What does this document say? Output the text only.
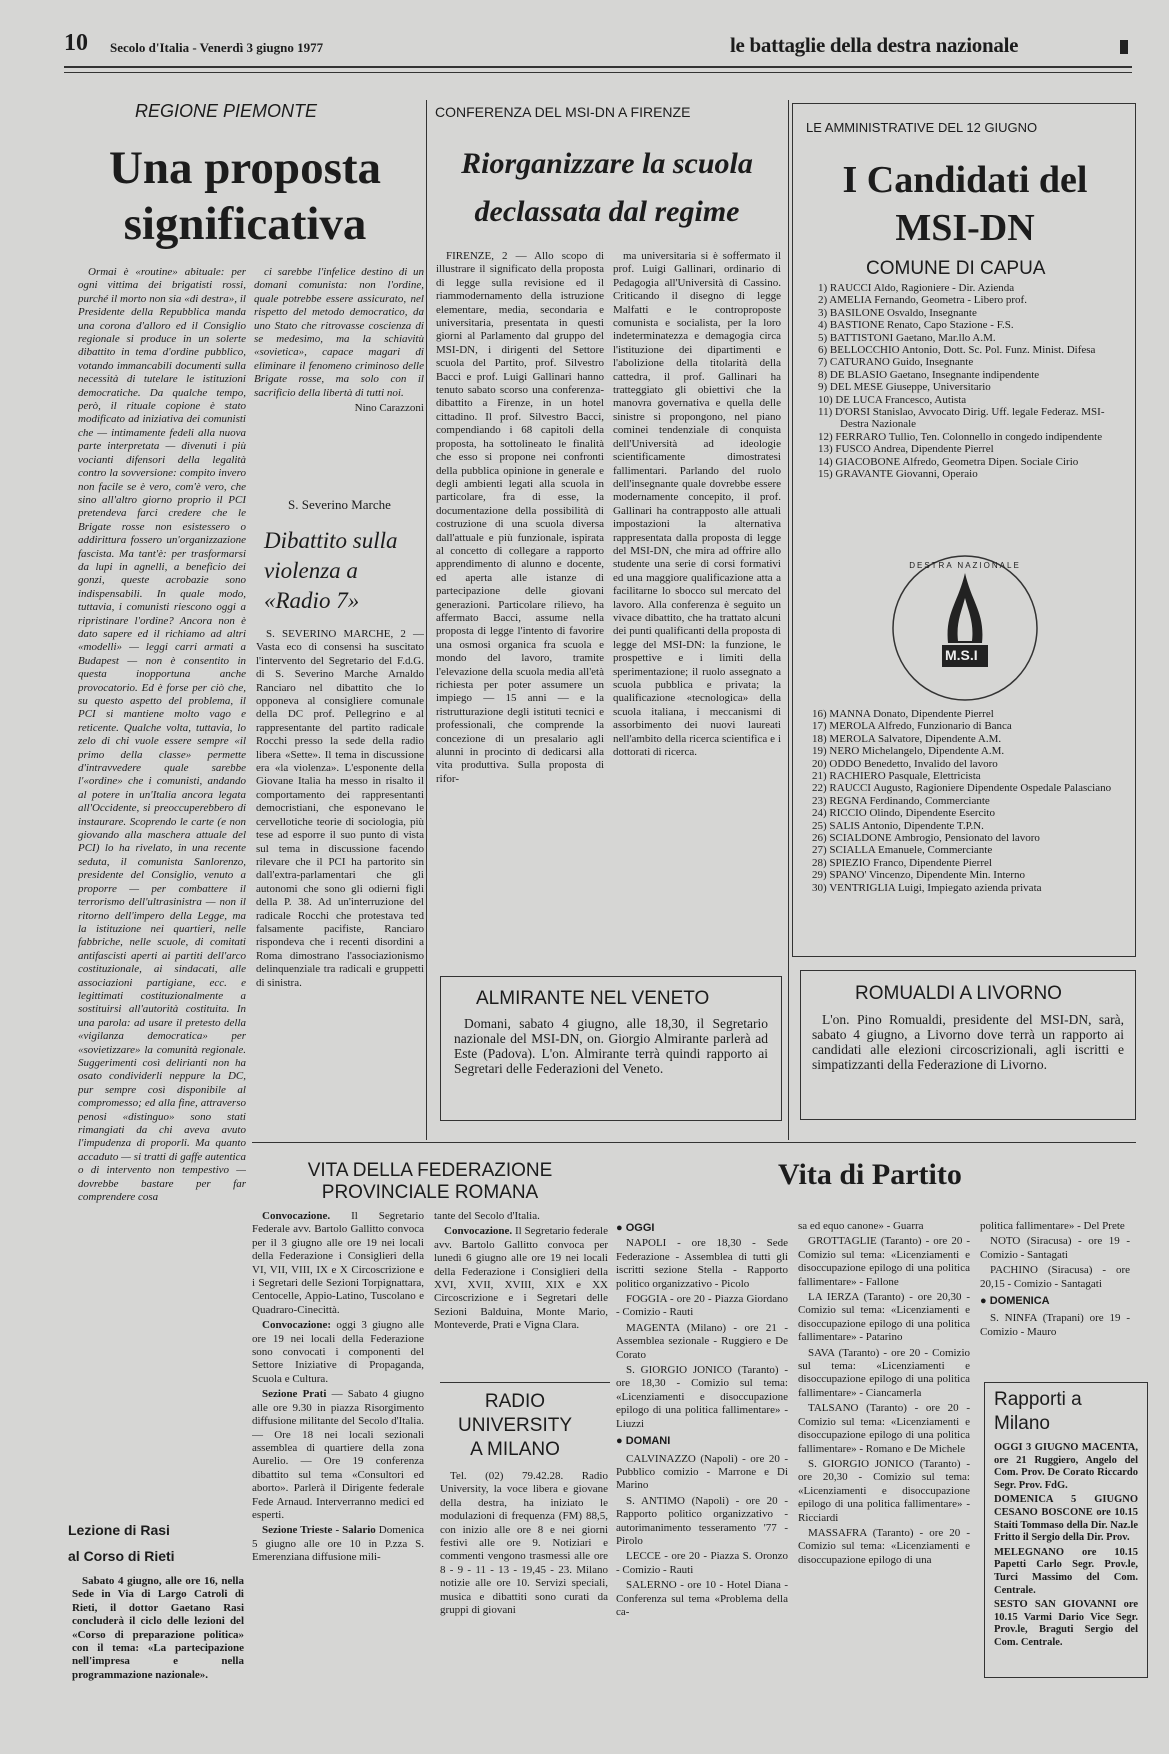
10 Secolo d'Italia - Venerdì 3 giugno 1977	le battaglie della destra nazionale
REGIONE PIEMONTE
Una proposta significativa

Ormai è «routine» abituale: per ogni vittima dei brigatisti rossi, purché il morto non sia «di destra», il Presidente della Repubblica manda una corona d'alloro ed il Consiglio regionale si produce in un solerte dibattito in tema d'ordine pubblico, votando immancabili documenti sulla necessità di tutelare le istituzioni democratiche. Da qualche tempo, però, il rituale copione è stato modificato ad iniziativa dei comunisti che — intimamente fedeli alla nuova parte interpretata — divenuti i più vocianti difensori della legalità contro la sovversione: compito invero non facile se è vero, com'è vero, che sino all'altro giorno proprio il PCI pretendeva farci credere che le Brigate rosse non esistessero o addirittura fossero un'organizzazione fascista. Ma tant'è: per trasformarsi da lupi in agnelli, a beneficio dei gonzi, queste acrobazie sono indispensabili. In quale modo, tuttavia, i comunisti riescono oggi a ripristinare l'ordine? Ancora non è dato sapere ed il richiamo ad altri «modelli» — leggi carri armati a Budapest — non è consentito in questa inopportuna anche provocatorio. Ed è forse per ciò che, su questo aspetto del problema, il PCI si mantiene molto vago e reticente. Qualche volta, tuttavia, lo zelo di chi vuole essere sempre «il primo della classe» permette d'intravvedere quale sarebbe l'«ordine» che i comunisti, andando al potere in un'Italia ancora legata all'Occidente, si preoccuperebbero di instaurare. Scoprendo le carte (e non giovando alla maschera attuale del PCI) lo ha rivelato, in una recente seduta, il comunista Sanlorenzo, presidente del Consiglio, venuto a proporre — per combattere il terrorismo dell'ultrasinistra — non il ritorno dell'impero della Legge, ma la istituzione nei quartieri, nelle fabbriche, nelle scuole, di comitati antifascisti aperti ai partiti dell'arco costituzionale, ai sindacati, alle associazioni partigiane, ecc. e legittimati costituzionalmente a sostituirsi all'autorità costituita. In una parola: ad usare il pretesto della «vigilanza democratica» per «sovietizzare» la comunità regionale. Suggerimenti così delirianti non ha osato condividerli neppure la DC, pur sempre così disponibile al compromesso; ed alla fine, attraverso penosi «distinguo» sono stati rimangiati da chi aveva avuto l'impudenza di proporli. Ma quanto accaduto — si tratti di gaffe autentica o di intervento non tempestivo — dovrebbe bastare per far comprendere cosa

ci sarebbe l'infelice destino di un domani comunista: non l'ordine, quale potrebbe essere assicurato, nel rispetto del metodo democratico, da uno Stato che ritrovasse coscienza di se medesimo, ma la schiavitù «sovietica», capace magari di eliminare il fenomeno criminoso delle Brigate rosse, ma solo con il sacrificio della libertà di tutti noi.

Nino Carazzoni
S. Severino Marche
Dibattito sulla violenza a «Radio 7»

S. SEVERINO MARCHE, 2 — Vasta eco di consensi ha suscitato l'intervento del Segretario del F.d.G. di S. Severino Marche Arnaldo Ranciaro nel dibattito che lo opponeva al consigliere comunale della DC prof. Pellegrino e al rappresentante del partito radicale Rocchi presso la sede della radio libera «Sette». Il tema in discussione era «la violenza». L'esponente della Giovane Italia ha messo in risalto il comportamento dei rappresentanti democristiani, che esponevano le cervellotiche teorie di sociologia, più tese ad esporre il suo punto di vista sul tema in discussione facendo rilevare che il PCI ha partorito sin dall'extra-parlamentari che gli autonomi che sono gli odierni figli della P. 38. Ad un'interruzione del radicale Rocchi che protestava ted falsamente pacifiste, Ranciaro rispondeva che i recenti disordini a Roma dimostrano l'associazionismo delinquenziale tra radicali e gruppetti di sinistra.

CONFERENZA DEL MSI-DN A FIRENZE
Riorganizzare la scuola declassata dal regime

FIRENZE, 2 — Allo scopo di illustrare il significato della proposta di legge sulla revisione ed il riammodernamento della istruzione elementare, media, secondaria e universitaria, presentata in questi giorni al Parlamento dal gruppo del MSI-DN, i dirigenti del Settore scuola del Partito, prof. Silvestro Bacci e prof. Luigi Gallinari hanno tenuto sabato scorso una conferenza-dibattito a Firenze, in un hotel cittadino. Il prof. Silvestro Bacci, compendiando i 68 capitoli della proposta, ha sottolineato le finalità che esso si propone nei confronti della pubblica opinione in generale e degli ambienti legati alla scuola in particolare, fra di esse, la documentazione della possibilità di costruzione di una scuola diversa dall'attuale e più funzionale, ispirata al concetto di collegare a rapporto apprendimento di alunno e docente, ed aperta alle istanze di partecipazione delle giovani generazioni. Particolare rilievo, ha affermato Bacci, assume nella proposta di legge l'intento di favorire una osmosi organica fra scuola e mondo del lavoro, tramite l'elevazione della scuola media all'età richiesta per poter assumere un impiego — 15 anni — e la ristrutturazione degli istituti tecnici e professionali, che comprende la concezione di un presalario agli alunni in procinto di dedicarsi alla vita produttiva. Sulla proposta di rifor-

ma universitaria si è soffermato il prof. Luigi Gallinari, ordinario di Pedagogia all'Università di Cassino. Criticando il disegno di legge Malfatti e le controproposte comunista e socialista, per la loro indeterminatezza e demagogia circa l'istituzione dei dipartimenti e l'abolizione della titolarità della cattedra, il prof. Gallinari ha tratteggiato gli obiettivi che la manovra governativa e quella delle sinistre si propongono, nel piano cominei tendenziale di conquista dell'Università ad ideologie scientificamente dimostratesi fallimentari. Parlando del ruolo dell'insegnante quale dovrebbe essere modernamente concepito, il prof. Gallinari ha contrapposto alle attuali impostazioni la alternativa rappresentata dalla proposta di legge del MSI-DN, che mira ad offrire allo studente una serie di corsi formativi ed una maggiore qualificazione atta a facilitarne lo sbocco sul mercato del lavoro. Alla conferenza è seguito un vivace dibattito, che ha trattato alcuni dei punti qualificanti della proposta di legge del MSI-DN: la funzione, le prospettive e i limiti della sperimentazione; il ruolo assegnato a scuola pubblica e privata; la qualificazione «tecnologica» della scuola italiana, i meccanismi di assorbimento dei nuovi laureati nell'ambito della ricerca scientifica e i dottorati di ricerca.

LE AMMINISTRATIVE DEL 12 GIUGNO
I Candidati del MSI-DN
COMUNE DI CAPUA
1) RAUCCI Aldo, Ragioniere - Dir. Azienda
2) AMELIA Fernando, Geometra - Libero prof.
3) BASILONE Osvaldo, Insegnante
4) BASTIONE Renato, Capo Stazione - F.S.
5) BATTISTONI Gaetano, Mar.llo A.M.
6) BELLOCCHIO Antonio, Dott. Sc. Pol. Funz. Minist. Difesa
7) CATURANO Guido, Insegnante
8) DE BLASIO Gaetano, Insegnante indipendente
9) DEL MESE Giuseppe, Universitario
10) DE LUCA Francesco, Autista
11) D'ORSI Stanislao, Avvocato Dirig. Uff. legale Federaz. MSI-Destra Nazionale
12) FERRARO Tullio, Ten. Colonnello in congedo indipendente
13) FUSCO Andrea, Dipendente Pierrel
14) GIACOBONE Alfredo, Geometra Dipen. Sociale Cirio
15) GRAVANTE Giovanni, Operaio
M.S.I
DESTRA NAZIONALE
16) MANNA Donato, Dipendente Pierrel
17) MEROLA Alfredo, Funzionario di Banca
18) MEROLA Salvatore, Dipendente A.M.
19) NERO Michelangelo, Dipendente A.M.
20) ODDO Benedetto, Invalido del lavoro
21) RACHIERO Pasquale, Elettricista
22) RAUCCI Augusto, Ragioniere Dipendente Ospedale Palasciano
23) REGNA Ferdinando, Commerciante
24) RICCIO Olindo, Dipendente Esercito
25) SALIS Antonio, Dipendente T.P.N.
26) SCIALDONE Ambrogio, Pensionato del lavoro
27) SCIALLA Emanuele, Commerciante
28) SPIEZIO Franco, Dipendente Pierrel
29) SPANO' Vincenzo, Dipendente Min. Interno
30) VENTRIGLIA Luigi, Impiegato azienda privata
ALMIRANTE NEL VENETO

Domani, sabato 4 giugno, alle 18,30, il Segretario nazionale del MSI-DN, on. Giorgio Almirante parlerà ad Este (Padova). L'on. Almirante terrà quindi rapporto ai Segretari delle Federazioni del Veneto.

ROMUALDI A LIVORNO

L'on. Pino Romualdi, presidente del MSI-DN, sarà, sabato 4 giugno, a Livorno dove terrà un rapporto ai candidati alle elezioni circoscrizionali, agli iscritti e simpatizzanti della Federazione di Livorno.

VITA DELLA FEDERAZIONE PROVINCIALE ROMANA

Convocazione. Il Segretario Federale avv. Bartolo Gallitto convoca per il 3 giugno alle ore 19 nei locali della Federazione i Consiglieri della VI, VII, VIII, IX e X Circoscrizione e i Segretari delle Sezioni Torpignattara, Centocelle, Appio-Latino, Tuscolano e Quadraro-Cinecittà.

Convocazione: oggi 3 giugno alle ore 19 nei locali della Federazione sono convocati i componenti del Settore Iniziative di Propaganda, Scuola e Cultura.

Sezione Prati — Sabato 4 giugno alle ore 9.30 in piazza Risorgimento diffusione militante del Secolo d'Italia. — Ore 18 nei locali sezionali assemblea di quartiere della zona Aurelio. — Ore 19 conferenza dibattito sul tema «Consultori ed aborto». Parlerà il Dirigente federale Fede Arnaud. Interverranno medici ed esperti.

Sezione Trieste - Salario Domenica 5 giugno alle ore 10 in P.zza S. Emerenziana diffusione mili-

tante del Secolo d'Italia.

Convocazione. Il Segretario federale avv. Bartolo Gallitto convoca per lunedì 6 giugno alle ore 19 nei locali della Federazione i Consiglieri della XVI, XVII, XVIII, XIX e XX Circoscrizione e i Segretari delle Sezioni Balduina, Monte Mario, Monteverde, Prati e Vigna Clara.

RADIO UNIVERSITY A MILANO

Tel. (02) 79.42.28. Radio University, la voce libera e giovane della destra, ha iniziato le modulazioni di frequenza (FM) 88,5, con inizio alle ore 8 e nei giorni festivi alle ore 9. Notiziari e commenti vengono trasmessi alle ore 8 - 9 - 11 - 13 - 19,45 - 23. Milano notizie alle ore 10. Servizi speciali, musica e dibattiti sono curati da gruppi di giovani

Lezione di Rasi
al Corso di Rieti

Sabato 4 giugno, alle ore 16, nella Sede in Via di Largo Catroli di Rieti, il dottor Gaetano Rasi concluderà il ciclo delle lezioni del «Corso di preparazione politica» con il tema: «La partecipazione nell'impresa e nella programmazione nazionale».

Vita di Partito
● OGGI

NAPOLI - ore 18,30 - Sede Federazione - Assemblea di tutti gli iscritti sezione Stella - Rapporto politico organizzativo - Picolo

FOGGIA - ore 20 - Piazza Giordano - Comizio - Rauti

MAGENTA (Milano) - ore 21 - Assemblea sezionale - Ruggiero e De Corato

S. GIORGIO JONICO (Taranto) - ore 18,30 - Comizio sul tema: «Licenziamenti e disoccupazione epilogo di una politica fallimentare» - Liuzzi

● DOMANI

CALVINAZZO (Napoli) - ore 20 - Pubblico comizio - Marrone e Di Marino

S. ANTIMO (Napoli) - ore 20 - Rapporto politico organizzativo - autorimanimento tesseramento '77 - Pirolo

LECCE - ore 20 - Piazza S. Oronzo - Comizio - Rauti

SALERNO - ore 10 - Hotel Diana - Conferenza sul tema «Problema della ca-

sa ed equo canone» - Guarra

GROTTAGLIE (Taranto) - ore 20 - Comizio sul tema: «Licenziamenti e disoccupazione epilogo di una politica fallimentare» - Fallone

LA IERZA (Taranto) - ore 20,30 - Comizio sul tema: «Licenziamenti e disoccupazione epilogo di una politica fallimentare» - Patarino

SAVA (Taranto) - ore 20 - Comizio sul tema: «Licenziamenti e disoccupazione epilogo di una politica fallimentare» - Ciancamerla

TALSANO (Taranto) - ore 20 - Comizio sul tema: «Licenziamenti e disoccupazione epilogo di una politica fallimentare» - Romano e De Michele

S. GIORGIO JONICO (Taranto) - ore 20,30 - Comizio sul tema: «Licenziamenti e disoccupazione epilogo di una politica fallimentare» - Ricciardi

MASSAFRA (Taranto) - ore 20 - Comizio sul tema: «Licenziamenti e disoccupazione epilogo di una

politica fallimentare» - Del Prete

NOTO (Siracusa) - ore 19 - Comizio - Santagati

PACHINO (Siracusa) - ore 20,15 - Comizio - Santagati

● DOMENICA

S. NINFA (Trapani) ore 19 - Comizio - Mauro

Rapporti a Milano

OGGI 3 GIUGNO MACENTA, ore 21 Ruggiero, Angelo del Com. Prov. De Corato Riccardo Segr. Prov. FdG.

DOMENICA 5 GIUGNO CESANO BOSCONE ore 10.15 Staiti Tommaso della Dir. Naz.le Fritto il Sergio della Dir. Prov.

MELEGNANO ore 10.15 Papetti Carlo Segr. Prov.le, Turci Massimo del Com. Centrale.

SESTO SAN GIOVANNI ore 10.15 Varmi Dario Vice Segr. Prov.le, Braguti Sergio del Com. Centrale.
